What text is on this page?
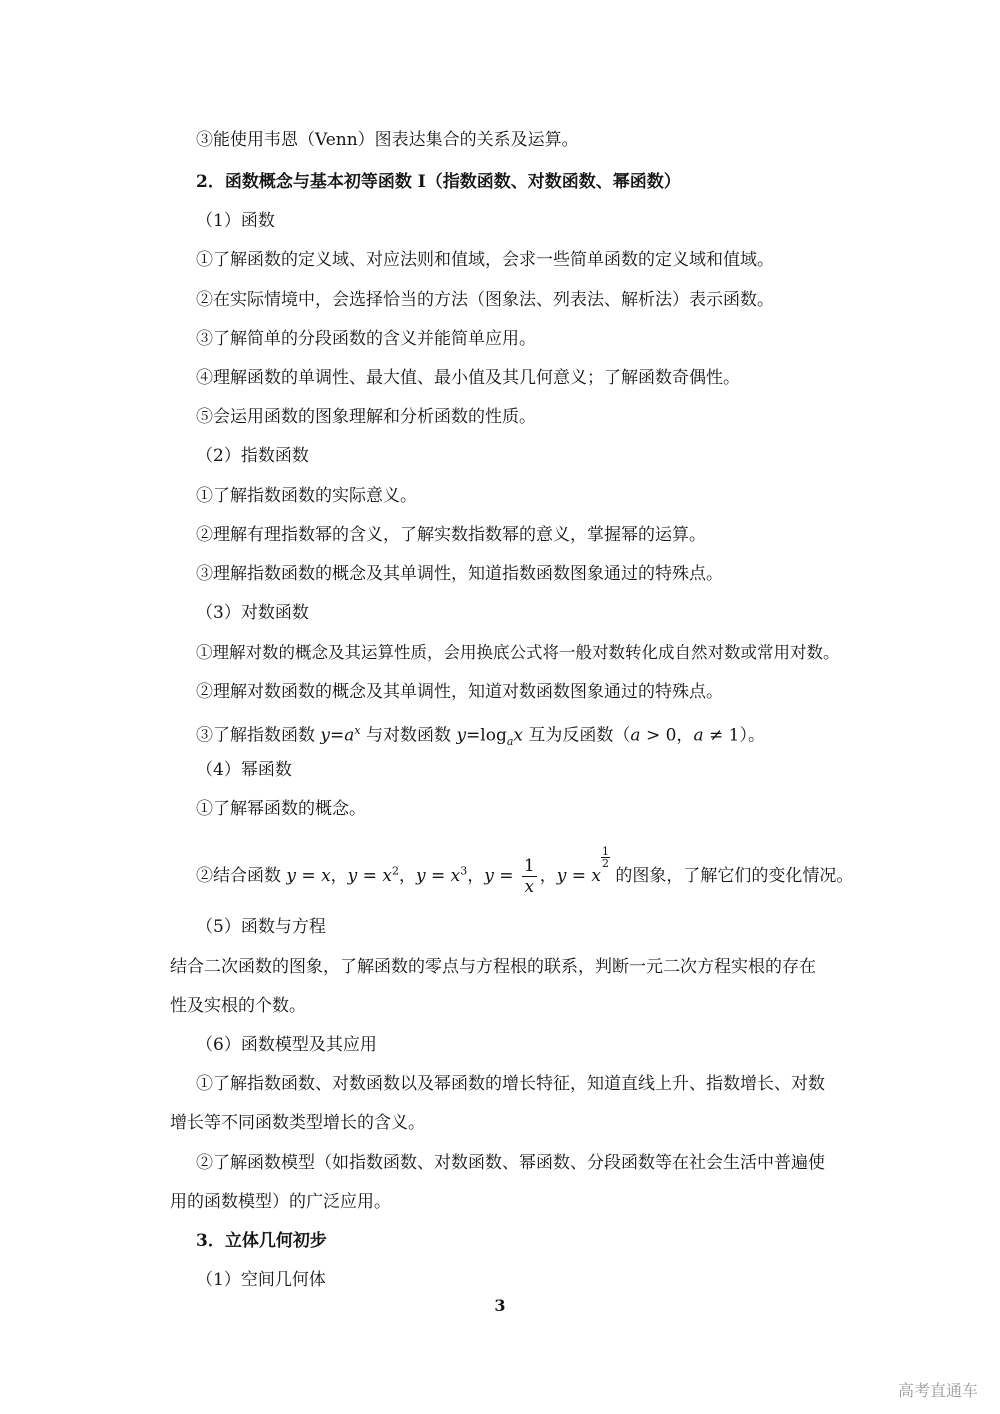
③能使用韦恩（Venn）图表达集合的关系及运算。
2．函数概念与基本初等函数 I（指数函数、对数函数、幂函数）
（1）函数
①了解函数的定义域、对应法则和值域，会求一些简单函数的定义域和值域。
②在实际情境中，会选择恰当的方法（图象法、列表法、解析法）表示函数。
③了解简单的分段函数的含义并能简单应用。
④理解函数的单调性、最大值、最小值及其几何意义；了解函数奇偶性。
⑤会运用函数的图象理解和分析函数的性质。
（2）指数函数
①了解指数函数的实际意义。
②理解有理指数幂的含义，了解实数指数幂的意义，掌握幂的运算。
③理解指数函数的概念及其单调性，知道指数函数图象通过的特殊点。
（3）对数函数
①理解对数的概念及其运算性质，会用换底公式将一般对数转化成自然对数或常用对数。
②理解对数函数的概念及其单调性，知道对数函数图象通过的特殊点。
③了解指数函数 $y=a^x$ 与对数函数 $y=\log_ax$ 互为反函数（a > 0，a ≠ 1）。
（4）幂函数
①了解幂函数的概念。
②结合函数 y = x，$y = x^2$，$y = x^3$，$y = \frac{1}{x}$ ，y = x
$\frac{1}{2}$
的图象，了解它们的变化情况。
（5）函数与方程
结合二次函数的图象，了解函数的零点与方程根的联系，判断一元二次方程实根的存在
性及实根的个数。
（6）函数模型及其应用
①了解指数函数、对数函数以及幂函数的增长特征，知道直线上升、指数增长、对数
增长等不同函数类型增长的含义。
②了解函数模型（如指数函数、对数函数、幂函数、分段函数等在社会生活中普遍使
用的函数模型）的广泛应用。
3．立体几何初步
（1）空间几何体
3
高考直通车
